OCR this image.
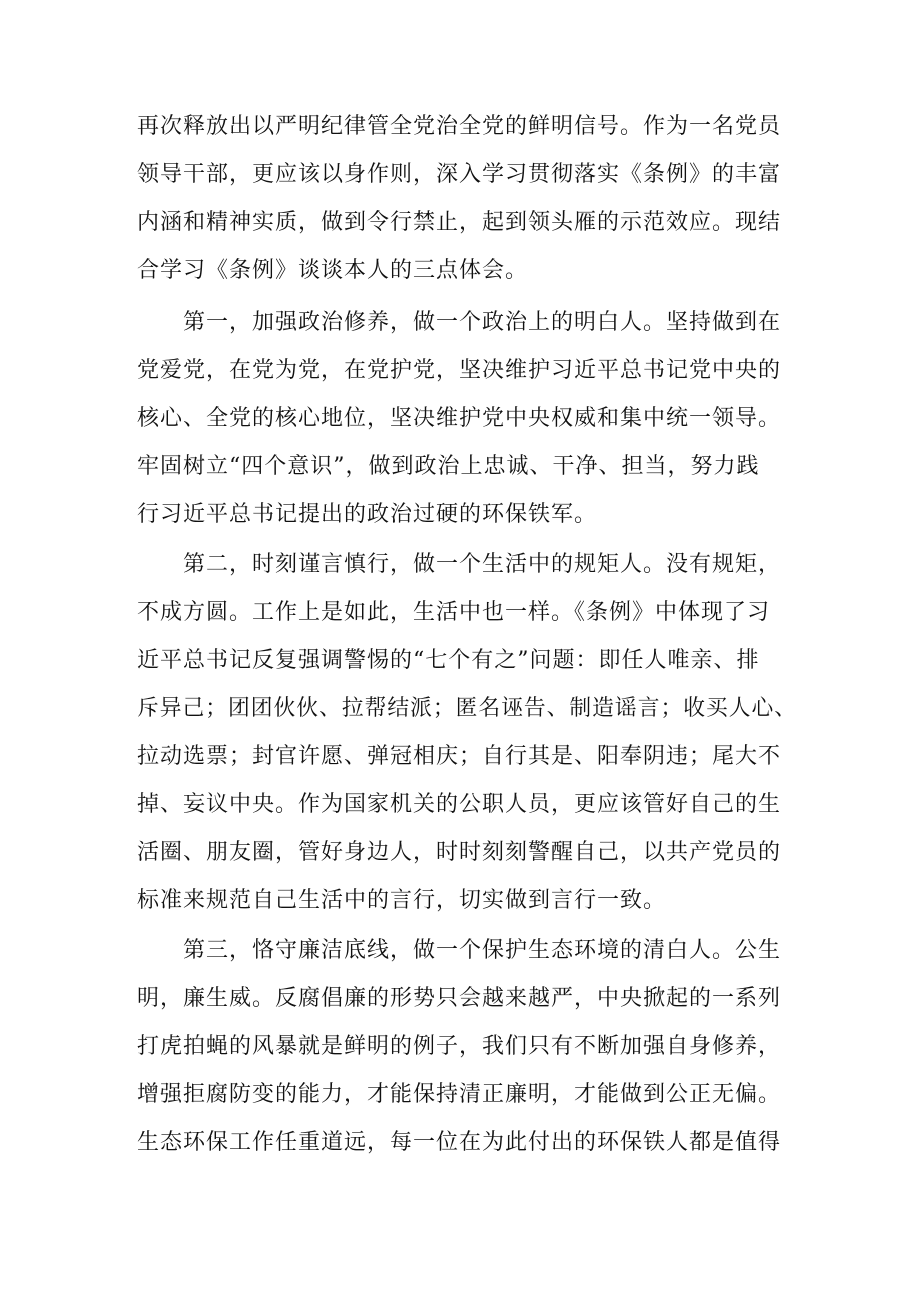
再次释放出以严明纪律管全党治全党的鲜明信号。作为一名党员
领导干部，更应该以身作则，深入学习贯彻落实《条例》的丰富
内涵和精神实质，做到令行禁止，起到领头雁的示范效应。现结
合学习《条例》谈谈本人的三点体会。
第一，加强政治修养，做一个政治上的明白人。坚持做到在
党爱党，在党为党，在党护党，坚决维护习近平总书记党中央的
核心、全党的核心地位，坚决维护党中央权威和集中统一领导。
牢固树立“四个意识”，做到政治上忠诚、干净、担当，努力践
行习近平总书记提出的政治过硬的环保铁军。
第二，时刻谨言慎行，做一个生活中的规矩人。没有规矩，
不成方圆。工作上是如此，生活中也一样。《条例》中体现了习
近平总书记反复强调警惕的“七个有之”问题：即任人唯亲、排
斥异己；团团伙伙、拉帮结派；匿名诬告、制造谣言；收买人心、
拉动选票；封官许愿、弹冠相庆；自行其是、阳奉阴违；尾大不
掉、妄议中央。作为国家机关的公职人员，更应该管好自己的生
活圈、朋友圈，管好身边人，时时刻刻警醒自己，以共产党员的
标准来规范自己生活中的言行，切实做到言行一致。
第三，恪守廉洁底线，做一个保护生态环境的清白人。公生
明，廉生威。反腐倡廉的形势只会越来越严，中央掀起的一系列
打虎拍蝇的风暴就是鲜明的例子，我们只有不断加强自身修养，
增强拒腐防变的能力，才能保持清正廉明，才能做到公正无偏。
生态环保工作任重道远，每一位在为此付出的环保铁人都是值得
